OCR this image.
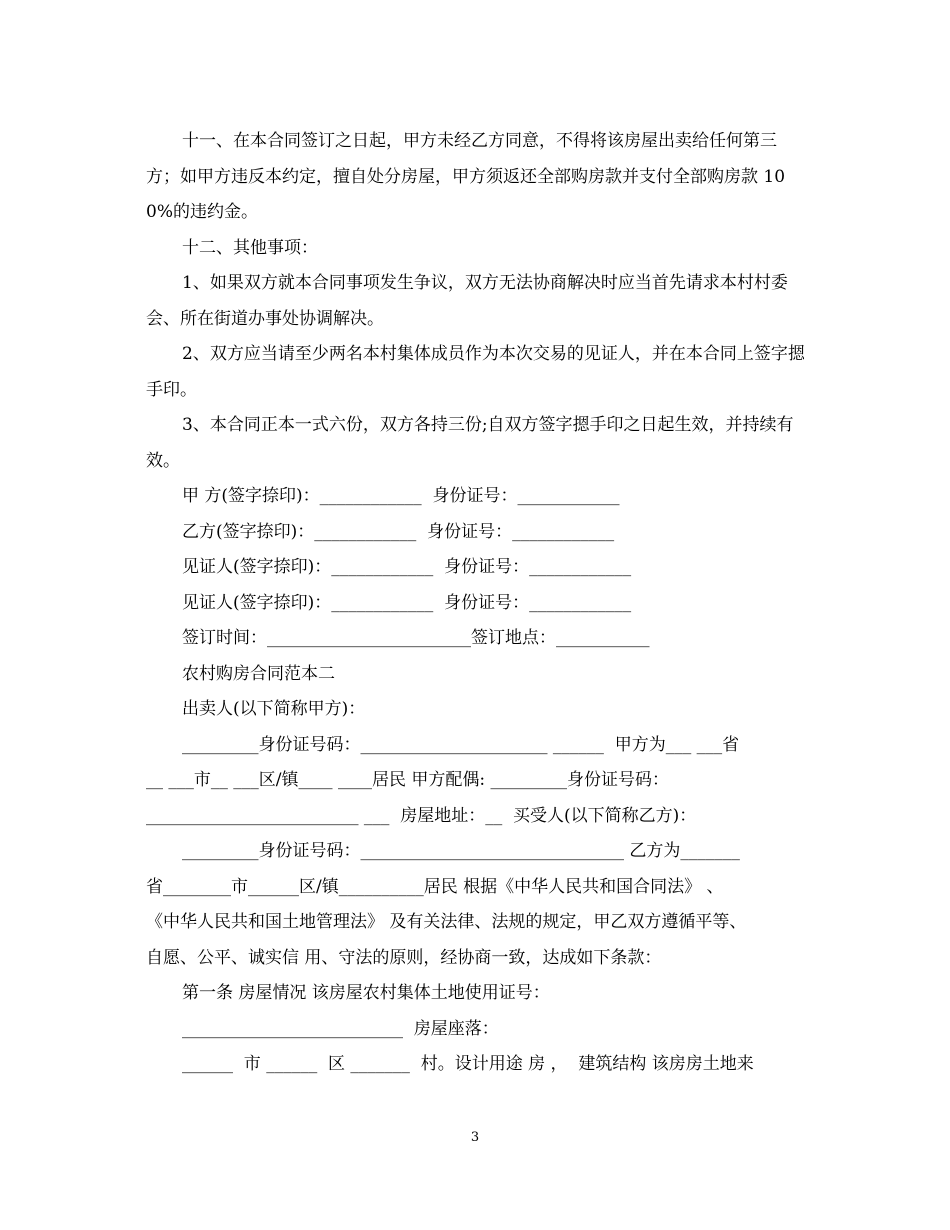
十一、在本合同签订之日起，甲方未经乙方同意，不得将该房屋出卖给任何第三方；如甲方违反本约定，擅自处分房屋，甲方须返还全部购房款并支付全部购房款 100%的违约金。

十二、其他事项：

1、如果双方就本合同事项发生争议，双方无法协商解决时应当首先请求本村村委会、所在街道办事处协调解决。

2、双方应当请至少两名本村集体成员作为本次交易的见证人，并在本合同上签字摁手印。

3、本合同正本一式六份，双方各持三份;自双方签字摁手印之日起生效，并持续有效。

甲 方(签字捺印)：____________  身份证号：____________

乙方(签字捺印)：____________  身份证号：____________

见证人(签字捺印)：____________  身份证号：____________

见证人(签字捺印)：____________  身份证号：____________

签订时间：________________________签订地点：___________

农村购房合同范本二

出卖人(以下简称甲方)：

_________身份证号码：______________________ ______  甲方为___ ___省

__ ___市__ ___区/镇____ ____居民 甲方配偶: _________身份证号码：

_________________________ ___  房屋地址：__  买受人(以下简称乙方)：

_________身份证号码：_______________________________ 乙方为_______

省________市______区/镇__________居民 根据《中华人民共和国合同法》 、

《中华人民共和国土地管理法》 及有关法律、法规的规定，甲乙双方遵循平等、

自愿、公平、诚实信 用、守法的原则，经协商一致，达成如下条款：

第一条 房屋情况 该房屋农村集体土地使用证号：

__________________________  房屋座落：

______  市 ______  区 _______  村。设计用途 房 ，  建筑结构 该房房土地来

3
